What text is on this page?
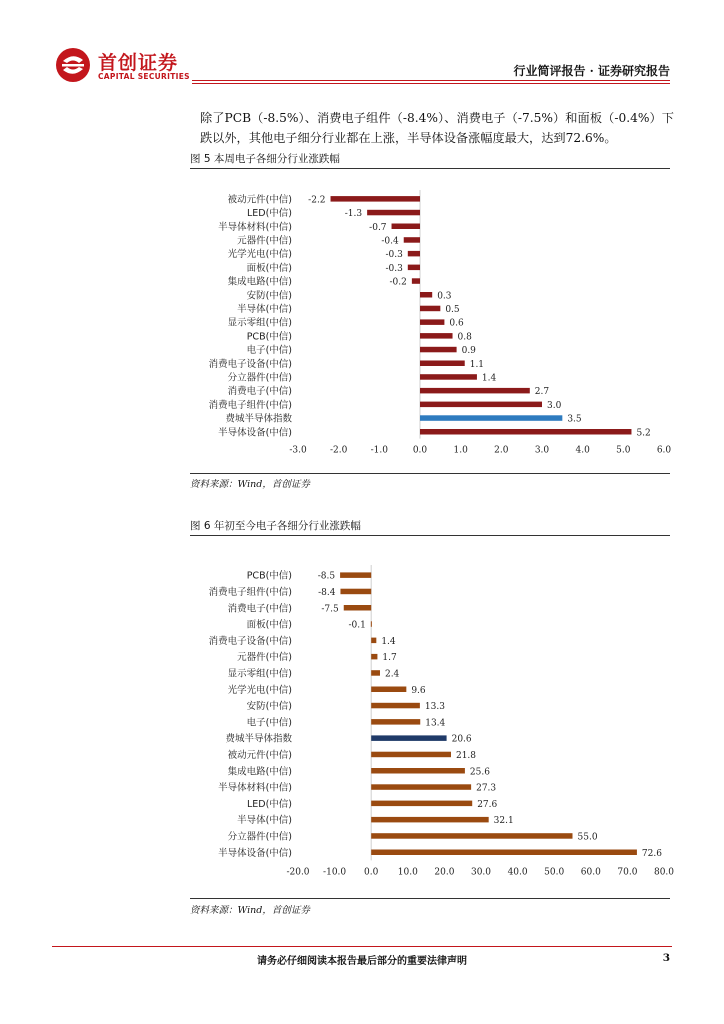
首创证券
CAPITAL SECURITIES	行业简评报告 · 证券研究报告
除了PCB（-8.5%）、消费电子组件（-8.4%）、消费电子（-7.5%）和面板（-0.4%）下跌以外，其他电子细分行业都在上涨，半导体设备涨幅度最大，达到72.6%。
图 5 本周电子各细分行业涨跌幅
被动元件(中信) -2.2
LED(中信)	-1.3
半导体材料(中信)	-0.7
元器件(中信)	-0.4
光学光电(中信)	-0.3
面板(中信)	-0.3
集成电路(中信)	-0.2
安防(中信)	0.3
半导体(中信)	0.5
显示零组(中信)	0.6
PCB(中信)	0.8
电子(中信)	0.9
消费电子设备(中信)	1.1
分立器件(中信)	1.4
消费电子(中信)	2.7
消费电子组件(中信)	3.0
费城半导体指数	3.5
半导体设备(中信)	5.2
-3.0	-2.0	-1.0	0.0	1.0	2.0	3.0	4.0	5.0	6.0
资料来源：Wind，首创证券
图 6 年初至今电子各细分行业涨跌幅
PCB(中信)	-8.5
消费电子组件(中信)	-8.4
消费电子(中信)	-7.5
面板(中信)	-0.1
消费电子设备(中信)	1.4
元器件(中信)	1.7
显示零组(中信)	2.4
光学光电(中信)	9.6
安防(中信)	13.3
电子(中信)	13.4
费城半导体指数	20.6
被动元件(中信)	21.8
集成电路(中信)	25.6
半导体材料(中信)	27.3
LED(中信)	27.6
半导体(中信)	32.1
分立器件(中信)	55.0
半导体设备(中信)	72.6
-20.0 -10.0 0.0 10.0 20.0 30.0 40.0 50.0 60.0 70.0 80.0
资料来源：Wind，首创证券
请务必仔细阅读本报告最后部分的重要法律声明	3
